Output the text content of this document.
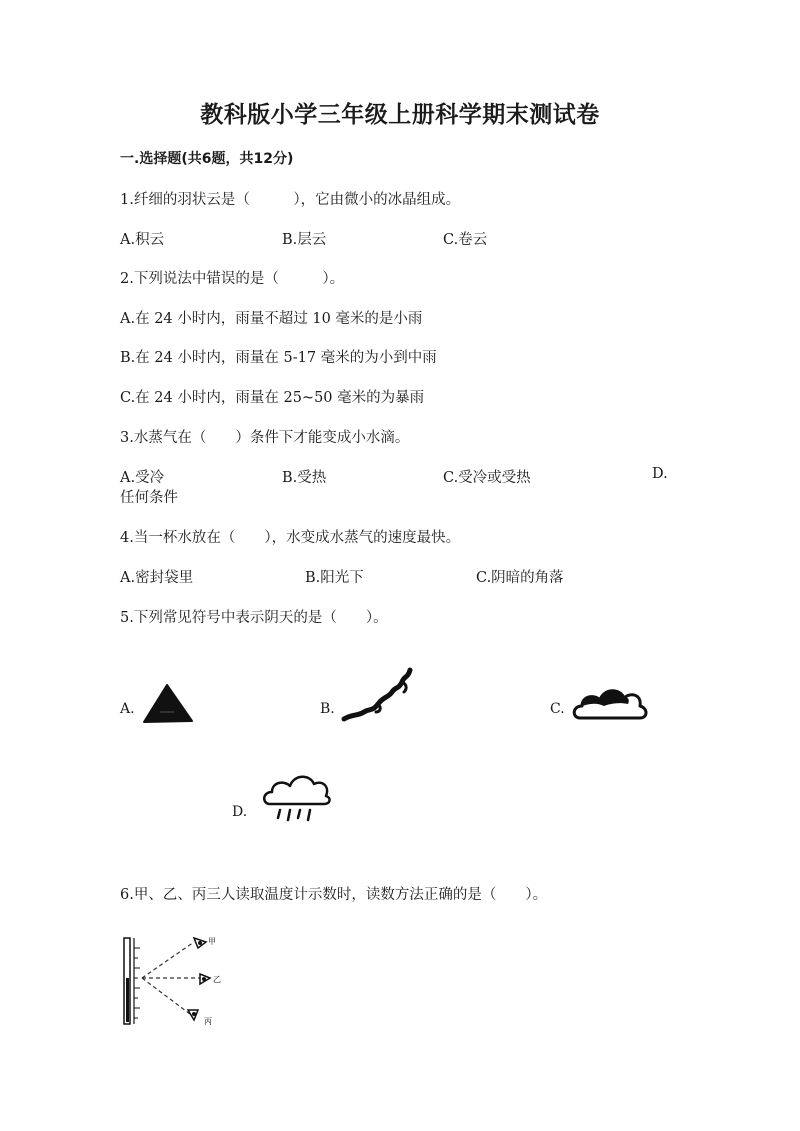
教科版小学三年级上册科学期末测试卷
一.选择题(共6题，共12分)
1.纤细的羽状云是（　　　），它由微小的冰晶组成。
A.积云	B.层云	C.卷云
2.下列说法中错误的是（　　　）。
A.在 24 小时内，雨量不超过 10 毫米的是小雨
B.在 24 小时内，雨量在 5-17 毫米的为小到中雨
C.在 24 小时内，雨量在 25~50 毫米的为暴雨
3.水蒸气在（　　）条件下才能变成小水滴。
A.受冷	B.受热	C.受冷或受热	D.
任何条件
4.当一杯水放在（　　），水变成水蒸气的速度最快。
A.密封袋里	B.阳光下	C.阴暗的角落
5.下列常见符号中表示阴天的是（　　）。
A.	B.	C.
D.
6.甲、乙、丙三人读取温度计示数时，读数方法正确的是（　　）。
甲
乙
丙
